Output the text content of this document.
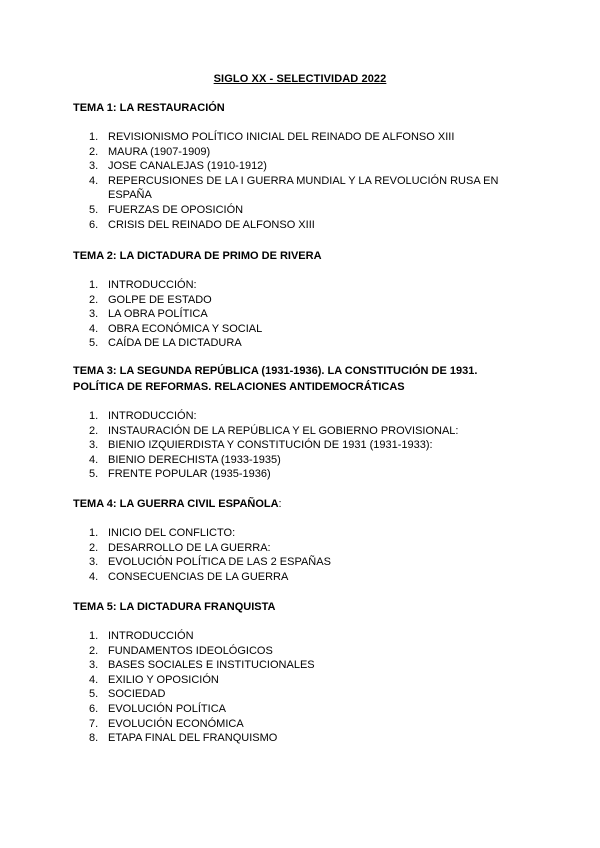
SIGLO XX - SELECTIVIDAD 2022

TEMA 1: LA RESTAURACIÓN

1. REVISIONISMO POLÍTICO INICIAL DEL REINADO DE ALFONSO XIII
2. MAURA (1907-1909)
3. JOSE CANALEJAS (1910-1912)
4. REPERCUSIONES DE LA I GUERRA MUNDIAL Y LA REVOLUCIÓN RUSA EN ESPAÑA
5. FUERZAS DE OPOSICIÓN
6. CRISIS DEL REINADO DE ALFONSO XIII

TEMA 2: LA DICTADURA DE PRIMO DE RIVERA

1. INTRODUCCIÓN:
2. GOLPE DE ESTADO
3. LA OBRA POLÍTICA
4. OBRA ECONÓMICA Y SOCIAL
5. CAÍDA DE LA DICTADURA

TEMA 3: LA SEGUNDA REPÚBLICA (1931-1936). LA CONSTITUCIÓN DE 1931. POLÍTICA DE REFORMAS. RELACIONES ANTIDEMOCRÁTICAS

1. INTRODUCCIÓN:
2. INSTAURACIÓN DE LA REPÚBLICA Y EL GOBIERNO PROVISIONAL:
3. BIENIO IZQUIERDISTA Y CONSTITUCIÓN DE 1931 (1931-1933):
4. BIENIO DERECHISTA (1933-1935)
5. FRENTE POPULAR (1935-1936)

TEMA 4: LA GUERRA CIVIL ESPAÑOLA:

1. INICIO DEL CONFLICTO:
2. DESARROLLO DE LA GUERRA:
3. EVOLUCIÓN POLÍTICA DE LAS 2 ESPAÑAS
4. CONSECUENCIAS DE LA GUERRA

TEMA 5: LA DICTADURA FRANQUISTA

1. INTRODUCCIÓN
2. FUNDAMENTOS IDEOLÓGICOS
3. BASES SOCIALES E INSTITUCIONALES
4. EXILIO Y OPOSICIÓN
5. SOCIEDAD
6. EVOLUCIÓN POLÍTICA
7. EVOLUCIÓN ECONÓMICA
8. ETAPA FINAL DEL FRANQUISMO
